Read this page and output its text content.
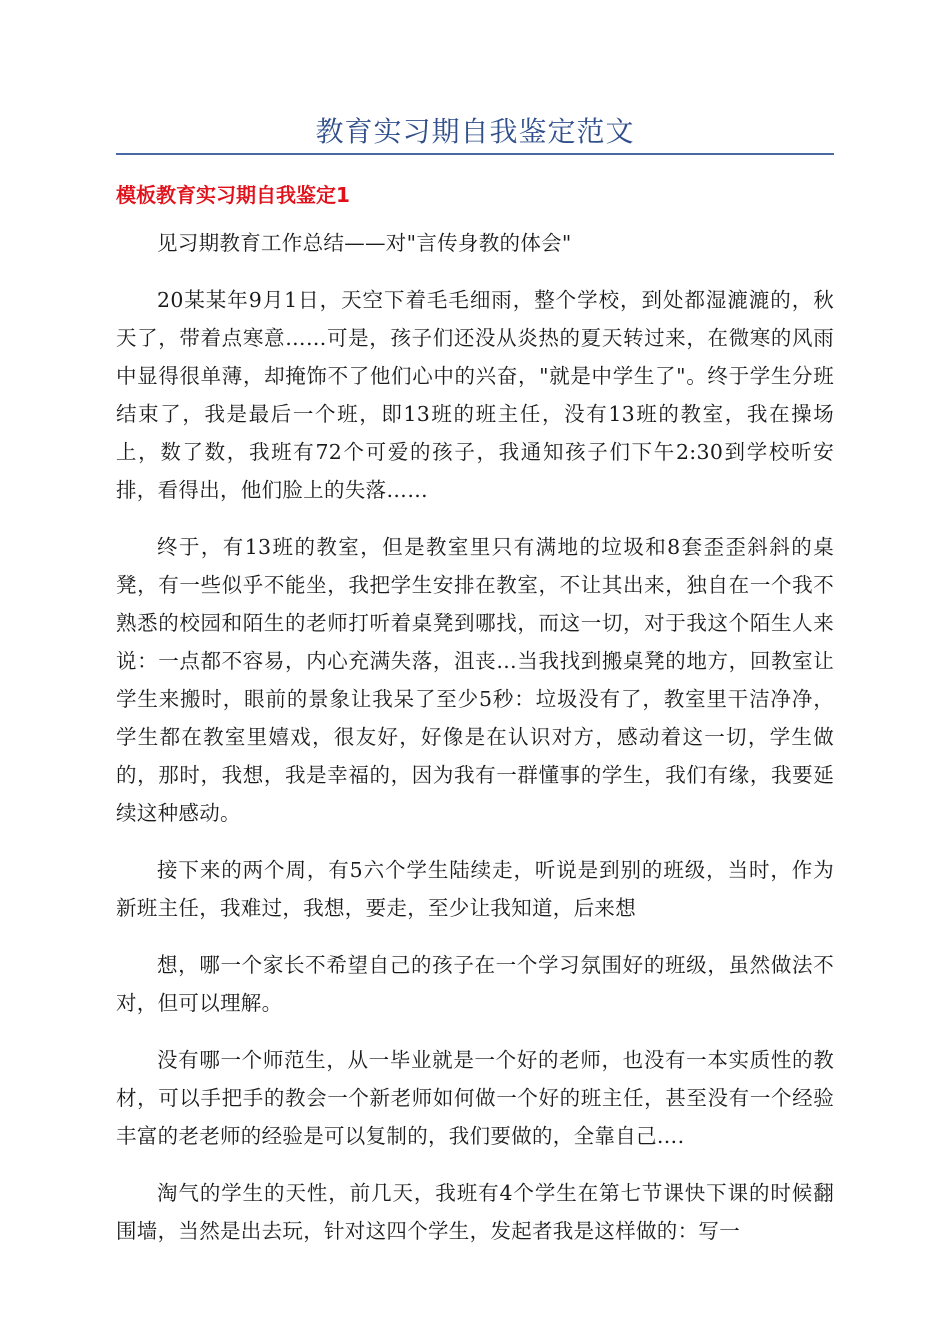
教育实习期自我鉴定范文
模板教育实习期自我鉴定1

见习期教育工作总结——对"言传身教的体会"

20某某年9月1日，天空下着毛毛细雨，整个学校，到处都湿漉漉的，秋天了，带着点寒意……可是，孩子们还没从炎热的夏天转过来，在微寒的风雨中显得很单薄，却掩饰不了他们心中的兴奋，"就是中学生了"。终于学生分班结束了，我是最后一个班，即13班的班主任，没有13班的教室，我在操场上，数了数，我班有72个可爱的孩子，我通知孩子们下午2:30到学校听安排，看得出，他们脸上的失落……

终于，有13班的教室，但是教室里只有满地的垃圾和8套歪歪斜斜的桌凳，有一些似乎不能坐，我把学生安排在教室，不让其出来，独自在一个我不熟悉的校园和陌生的老师打听着桌凳到哪找，而这一切，对于我这个陌生人来说：一点都不容易，内心充满失落，沮丧…当我找到搬桌凳的地方，回教室让学生来搬时，眼前的景象让我呆了至少5秒：垃圾没有了，教室里干洁净净，学生都在教室里嬉戏，很友好，好像是在认识对方，感动着这一切，学生做的，那时，我想，我是幸福的，因为我有一群懂事的学生，我们有缘，我要延续这种感动。

接下来的两个周，有5六个学生陆续走，听说是到别的班级，当时，作为新班主任，我难过，我想，要走，至少让我知道，后来想

想，哪一个家长不希望自己的孩子在一个学习氛围好的班级，虽然做法不对，但可以理解。

没有哪一个师范生，从一毕业就是一个好的老师，也没有一本实质性的教材，可以手把手的教会一个新老师如何做一个好的班主任，甚至没有一个经验丰富的老老师的经验是可以复制的，我们要做的，全靠自己….

淘气的学生的天性，前几天，我班有4个学生在第七节课快下课的时候翻围墙，当然是出去玩，针对这四个学生，发起者我是这样做的：写一
